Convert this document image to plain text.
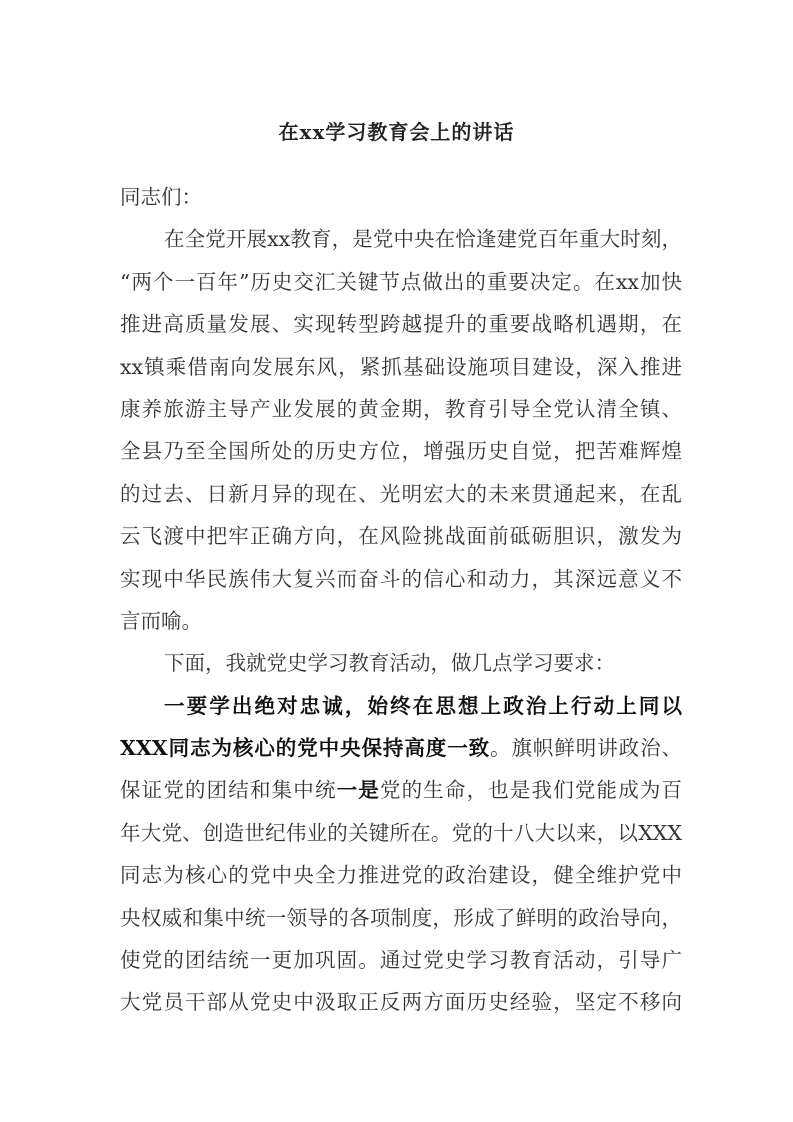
在xx学习教育会上的讲话
同志们：
在全党开展xx教育，是党中央在恰逢建党百年重大时刻，
“两个一百年”历史交汇关键节点做出的重要决定。在xx加快
推进高质量发展、实现转型跨越提升的重要战略机遇期，在
xx镇乘借南向发展东风，紧抓基础设施项目建设，深入推进
康养旅游主导产业发展的黄金期，教育引导全党认清全镇、
全县乃至全国所处的历史方位，增强历史自觉，把苦难辉煌
的过去、日新月异的现在、光明宏大的未来贯通起来，在乱
云飞渡中把牢正确方向，在风险挑战面前砥砺胆识，激发为
实现中华民族伟大复兴而奋斗的信心和动力，其深远意义不
言而喻。
下面，我就党史学习教育活动，做几点学习要求：
一要学出绝对忠诚，始终在思想上政治上行动上同以
XXX同志为核心的党中央保持高度一致。旗帜鲜明讲政治、
保证党的团结和集中统一是党的生命，也是我们党能成为百
年大党、创造世纪伟业的关键所在。党的十八大以来，以XXX
同志为核心的党中央全力推进党的政治建设，健全维护党中
央权威和集中统一领导的各项制度，形成了鲜明的政治导向，
使党的团结统一更加巩固。通过党史学习教育活动，引导广
大党员干部从党史中汲取正反两方面历史经验，坚定不移向
